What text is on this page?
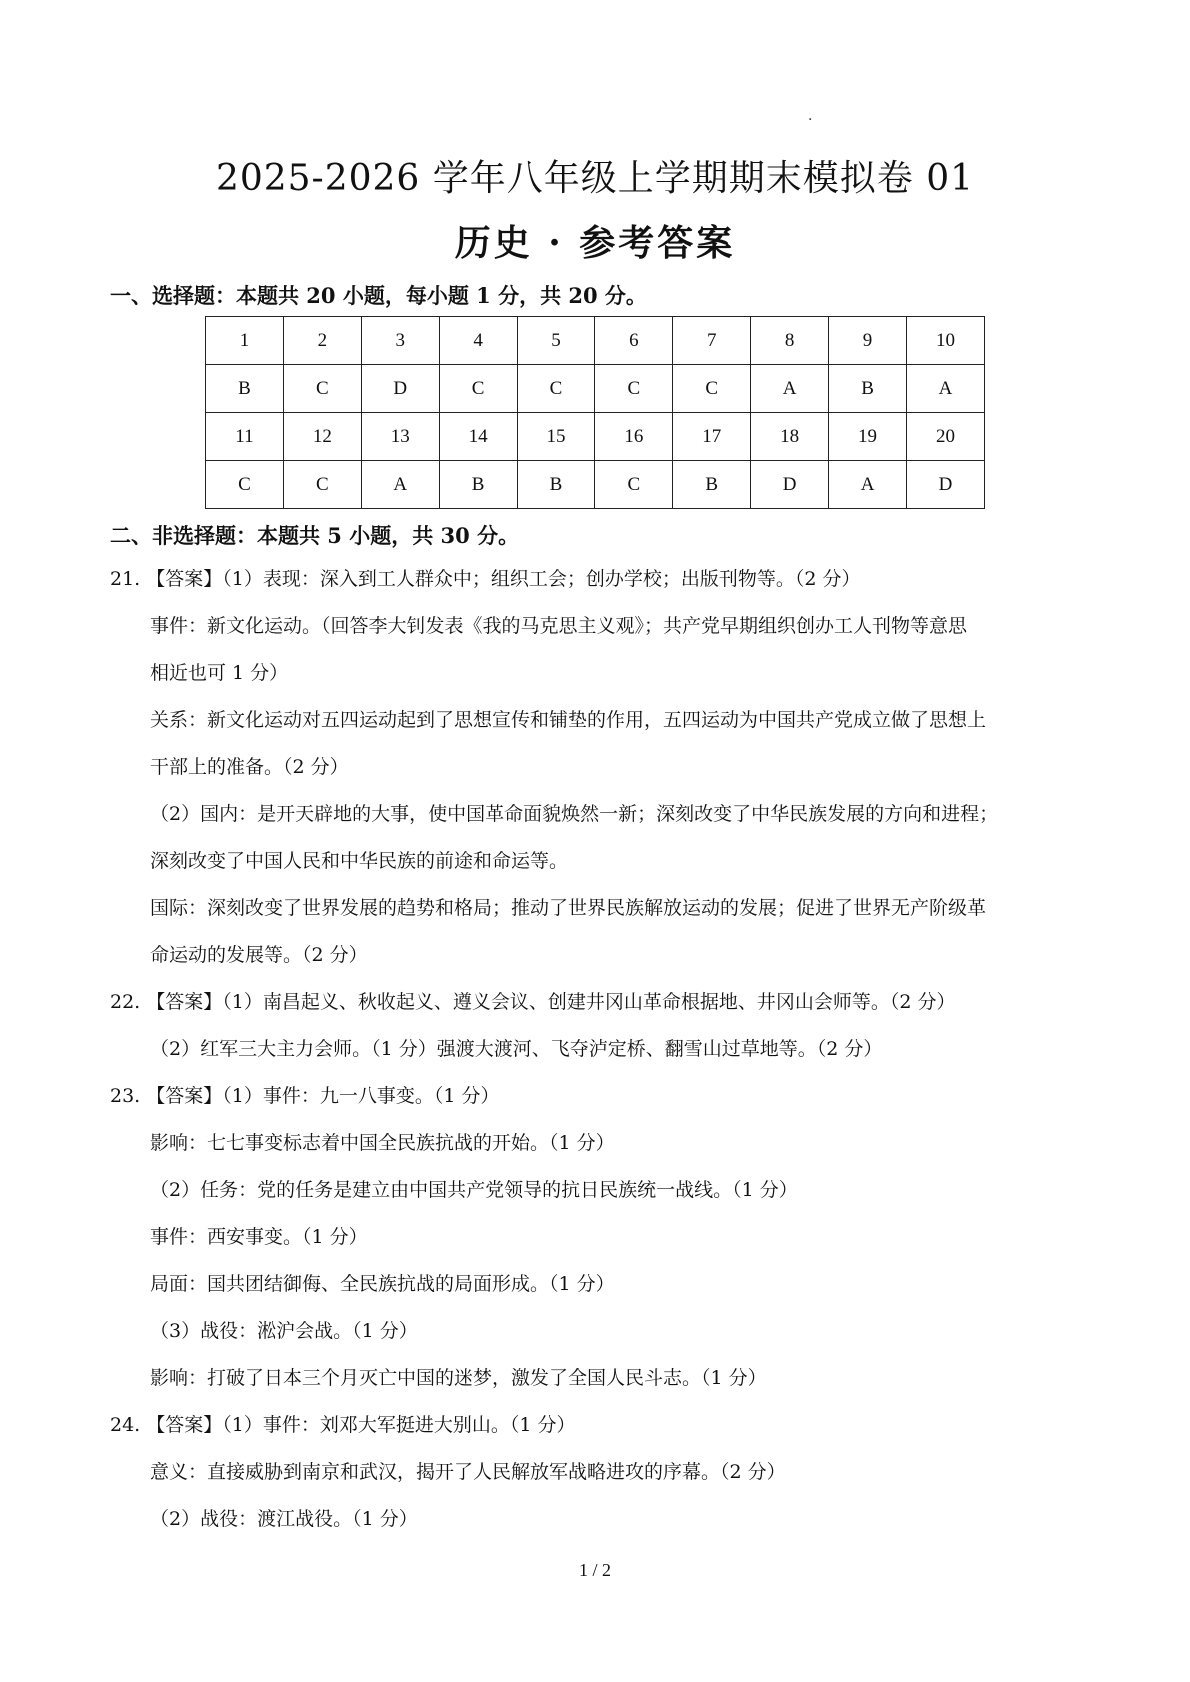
·
2025-2026 学年八年级上学期期末模拟卷 01
历史 · 参考答案
一、选择题：本题共 20 小题，每小题 1 分，共 20 分。
1	2	3	4	5	6	7	8	9	10
B	C	D	C	C	C	C	A	B	A
11	12	13	14	15	16	17	18	19	20
C	C	A	B	B	C	B	D	A	D
二、非选择题：本题共 5 小题，共 30 分。
21. 【答案】（1）表现：深入到工人群众中；组织工会；创办学校；出版刊物等。（2 分）
事件：新文化运动。（回答李大钊发表《我的马克思主义观》；共产党早期组织创办工人刊物等意思
相近也可 1 分）
关系：新文化运动对五四运动起到了思想宣传和铺垫的作用，五四运动为中国共产党成立做了思想上
干部上的准备。（2 分）
（2）国内：是开天辟地的大事，使中国革命面貌焕然一新；深刻改变了中华民族发展的方向和进程；
深刻改变了中国人民和中华民族的前途和命运等。
国际：深刻改变了世界发展的趋势和格局；推动了世界民族解放运动的发展；促进了世界无产阶级革
命运动的发展等。（2 分）
22. 【答案】（1）南昌起义、秋收起义、遵义会议、创建井冈山革命根据地、井冈山会师等。（2 分）
（2）红军三大主力会师。（1 分）强渡大渡河、飞夺泸定桥、翻雪山过草地等。（2 分）
23. 【答案】（1）事件：九一八事变。（1 分）
影响：七七事变标志着中国全民族抗战的开始。（1 分）
（2）任务：党的任务是建立由中国共产党领导的抗日民族统一战线。（1 分）
事件：西安事变。（1 分）
局面：国共团结御侮、全民族抗战的局面形成。（1 分）
（3）战役：淞沪会战。（1 分）
影响：打破了日本三个月灭亡中国的迷梦，激发了全国人民斗志。（1 分）
24. 【答案】（1）事件：刘邓大军挺进大别山。（1 分）
意义：直接威胁到南京和武汉，揭开了人民解放军战略进攻的序幕。（2 分）
（2）战役：渡江战役。（1 分）
1 / 2
